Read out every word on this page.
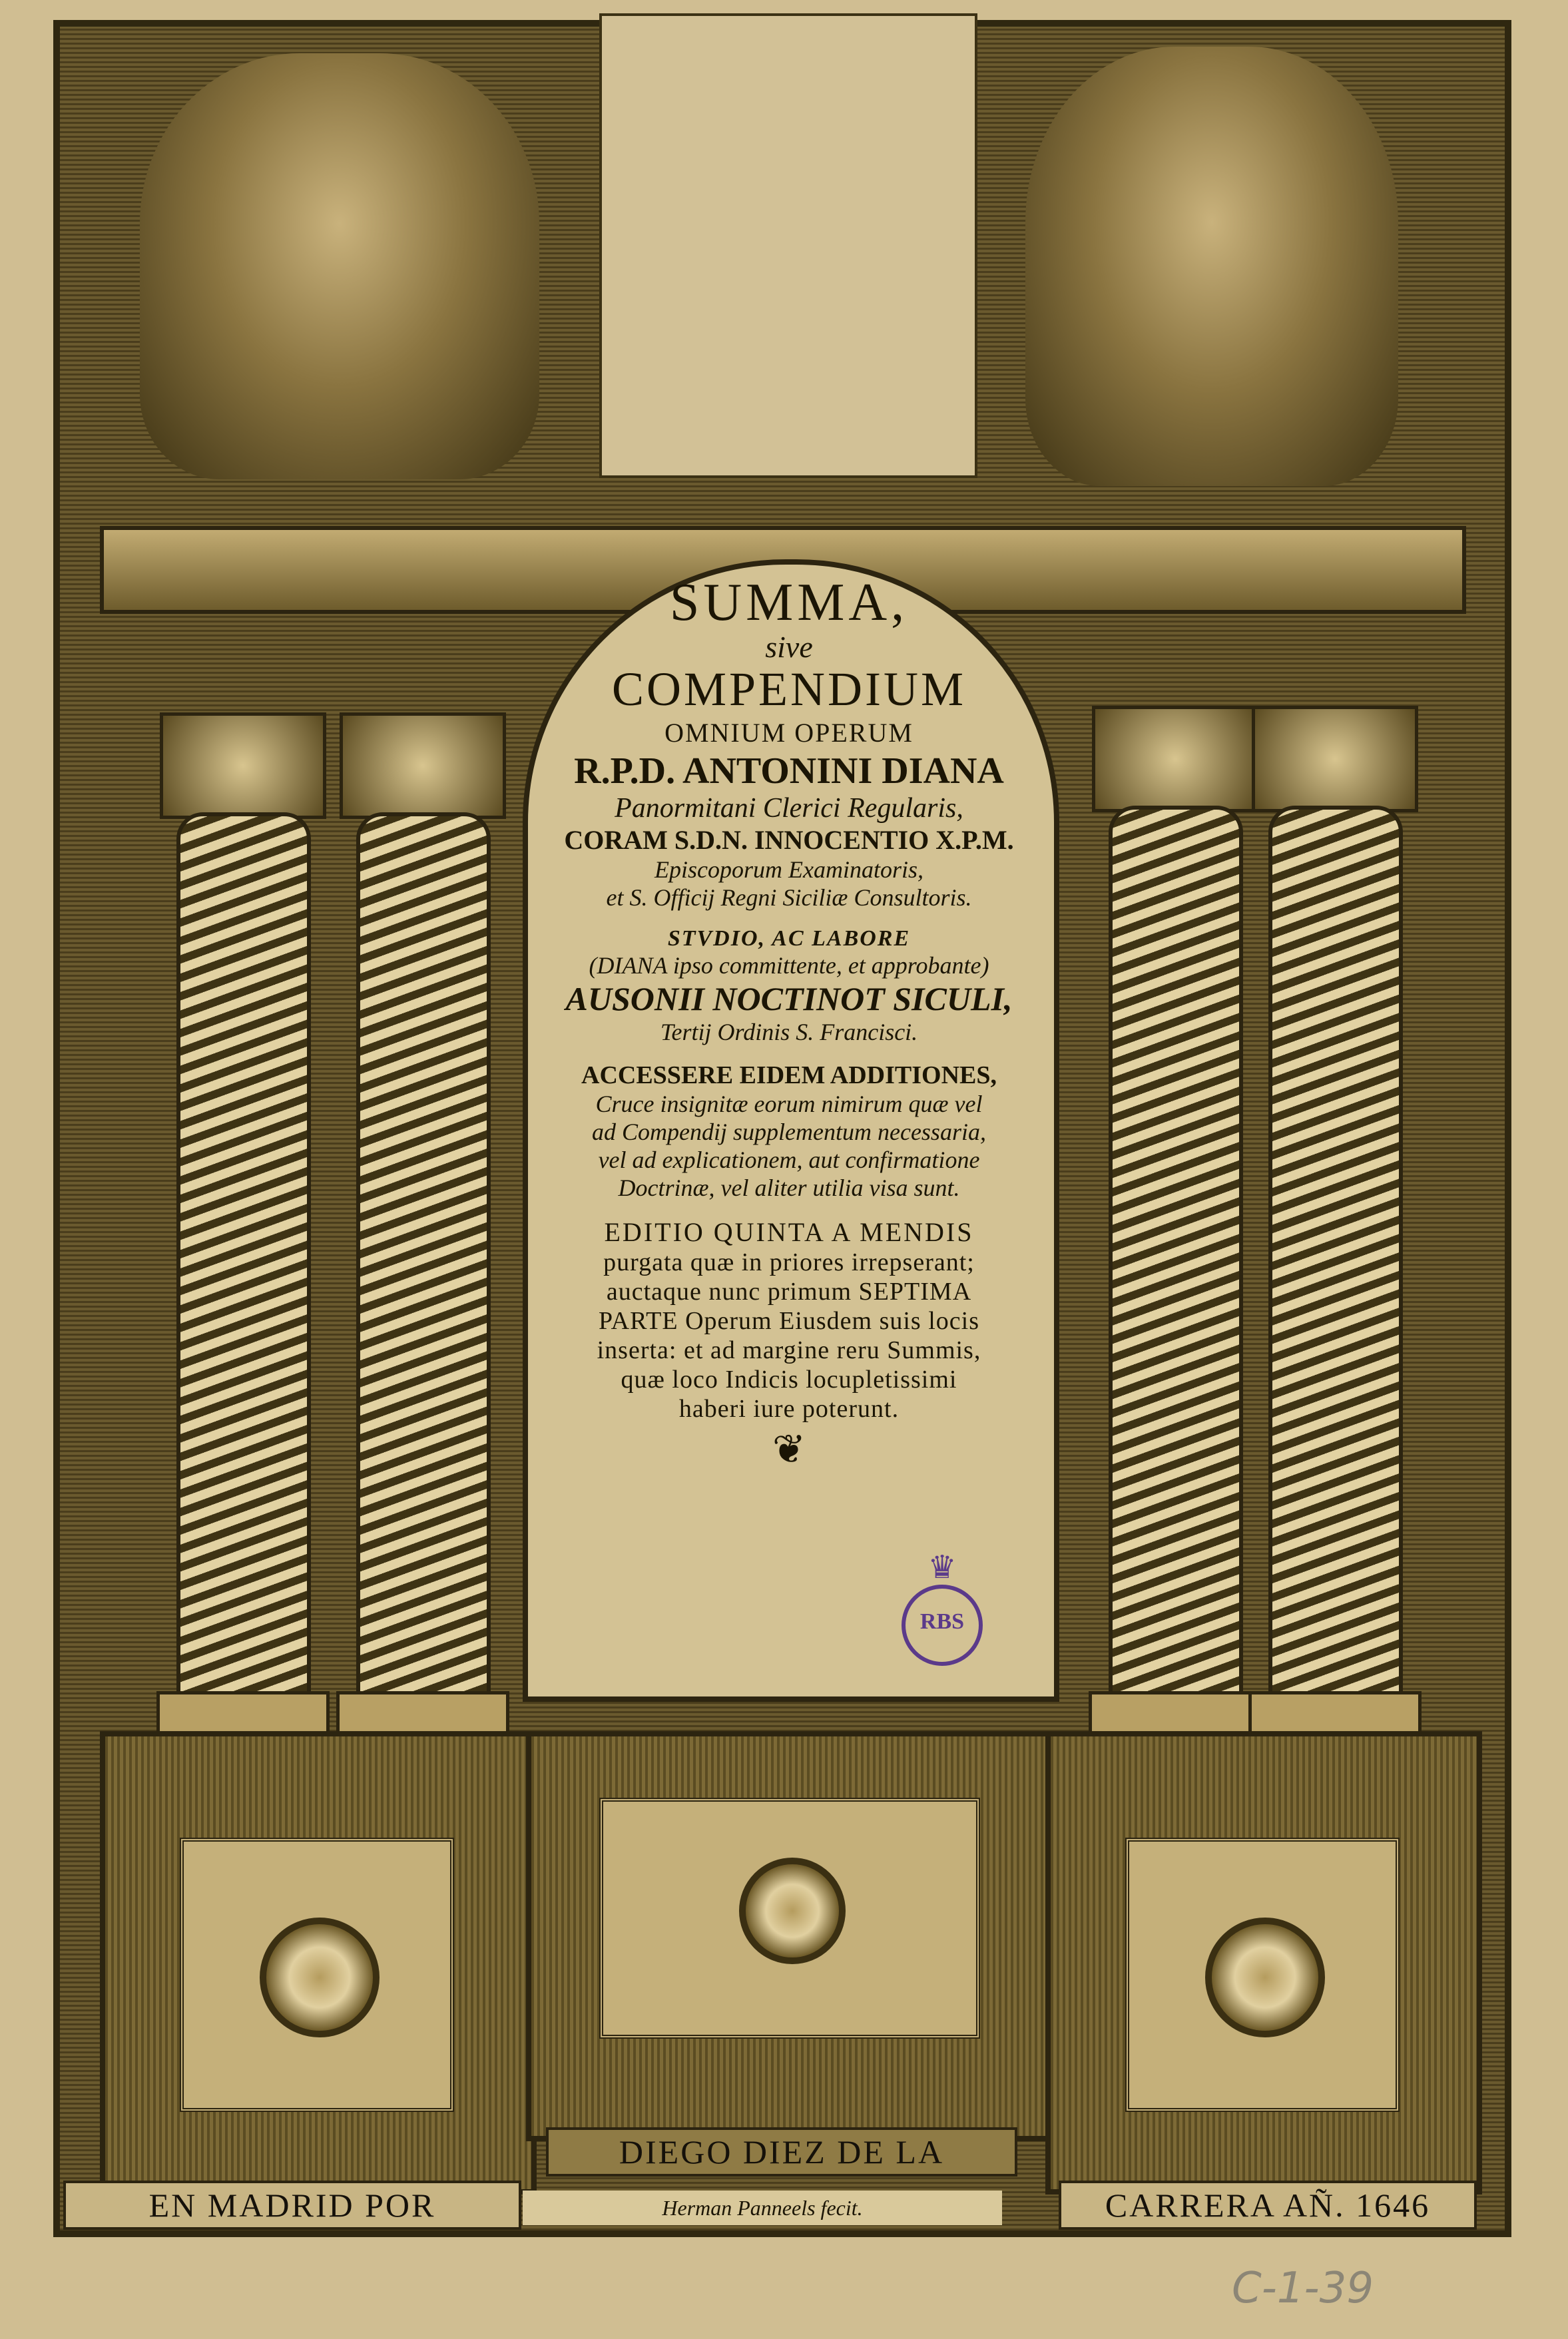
SUMMA,
sive
COMPENDIUM
OMNIUM OPERUM
R.P.D. ANTONINI DIANA
Panormitani Clerici Regularis,
CORAM S.D.N. INNOCENTIO X.P.M.
Episcoporum Examinatoris,
et S. Officij Regni Siciliæ Consultoris.
STVDIO, AC LABORE
(DIANA ipso committente, et approbante)
AUSONII NOCTINOT SICULI,
Tertij Ordinis S. Francisci.
ACCESSERE EIDEM ADDITIONES,
Cruce insignitæ eorum nimirum quæ vel
ad Compendij supplementum necessaria,
vel ad explicationem, aut confirmatione
Doctrinæ, vel aliter utilia visa sunt.
EDITIO QUINTA A MENDIS
purgata quæ in priores irrepserant;
auctaque nunc primum SEPTIMA
PARTE Operum Eiusdem suis locis
inserta: et ad margine reru Summis,
quæ loco Indicis locupletissimi
haberi iure poterunt.
❦
♛
RBS
DIEGO DIEZ DE LA
EN MADRID POR	Herman Panneels fecit.	CARRERA AÑ. 1646
C-1-39
